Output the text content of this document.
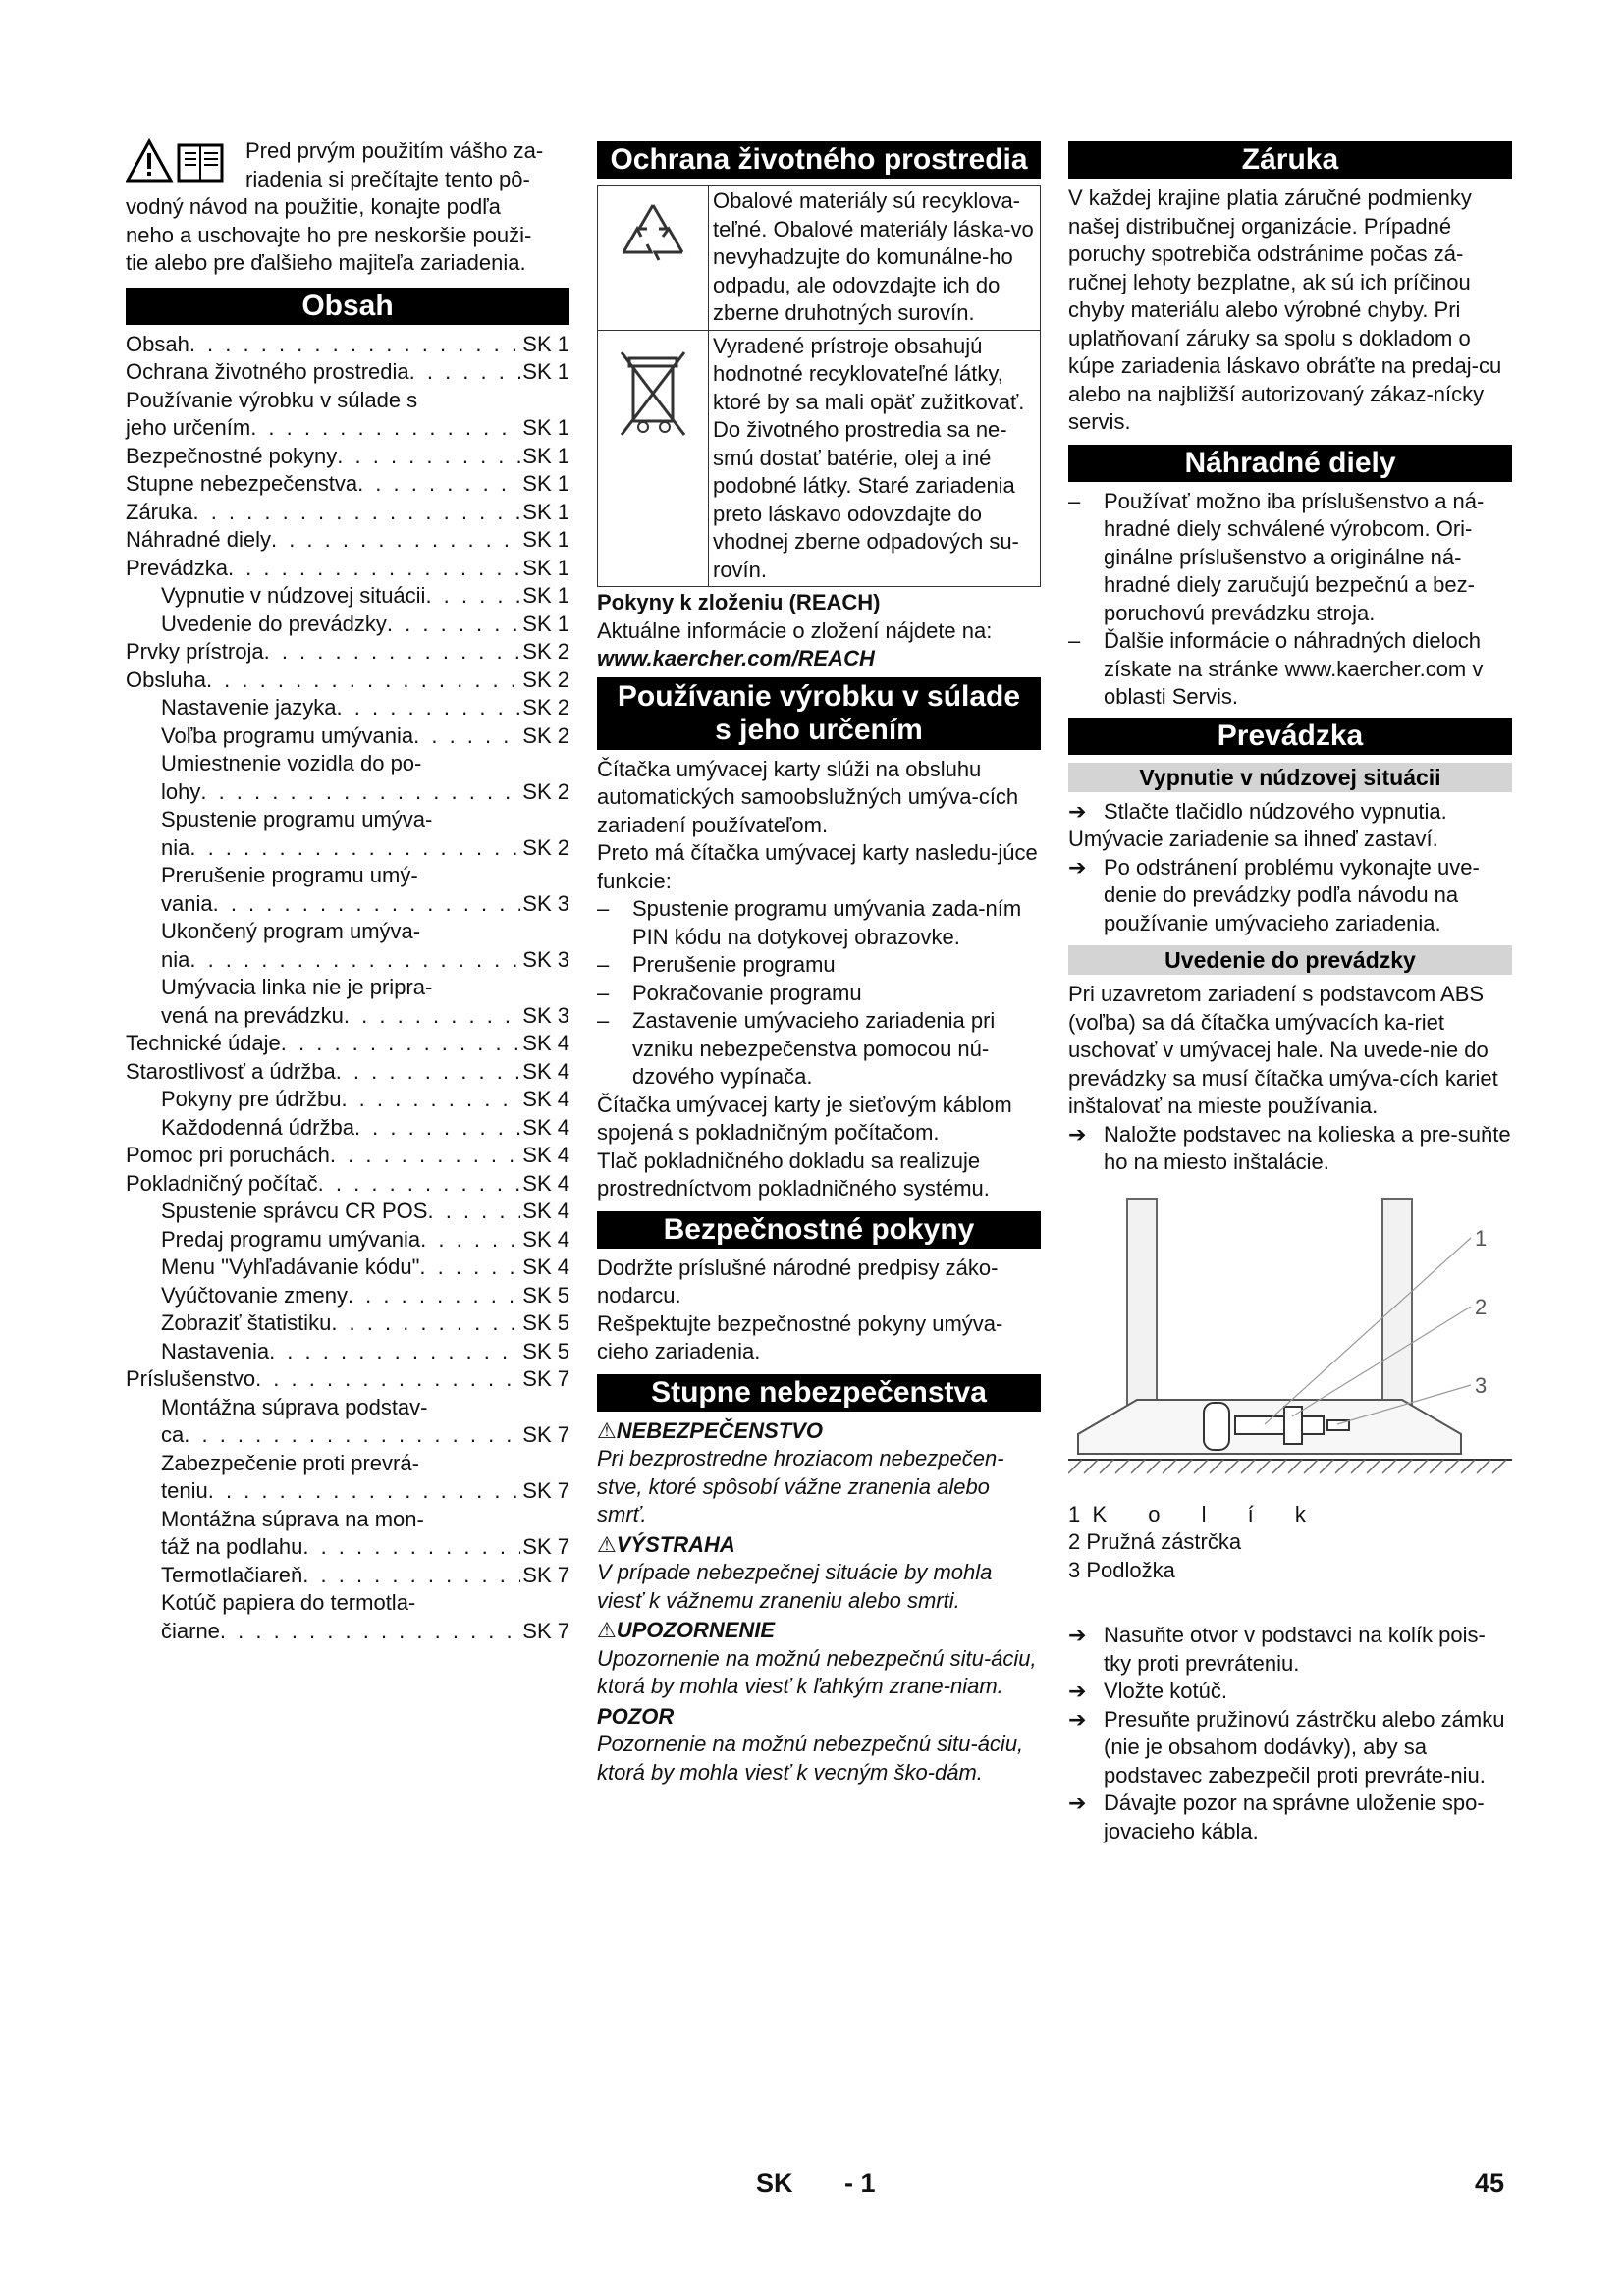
Pred prvým použitím vášho za-

riadenia si prečítajte tento pô-

vodný návod na použitie, konajte podľa

neho a uschovajte ho pre neskoršie použi-

tie alebo pre ďalšieho majiteľa zariadenia.

Obsah
Obsah . . .	SK 1
Ochrana životného prostredia . . .	SK 1
Používanie výrobku v súlade s
jeho určením . . .	SK 1
Bezpečnostné pokyny . . .	SK 1
Stupne nebezpečenstva . . .	SK 1
Záruka . . .	SK 1
Náhradné diely . . .	SK 1
Prevádzka . . .	SK 1
Vypnutie v núdzovej situácii . . .	SK 1
Uvedenie do prevádzky . . .	SK 1
Prvky prístroja . . .	SK 2
Obsluha . . .	SK 2
Nastavenie jazyka . . .	SK 2
Voľba programu umývania . . .	SK 2
Umiestnenie vozidla do po-
lohy . . .	SK 2
Spustenie programu umýva-
nia . . .	SK 2
Prerušenie programu umý-
vania . . .	SK 3
Ukončený program umýva-
nia . . .	SK 3
Umývacia linka nie je pripra-
vená na prevádzku . . .	SK 3
Technické údaje . . .	SK 4
Starostlivosť a údržba . . .	SK 4
Pokyny pre údržbu . . .	SK 4
Každodenná údržba . . .	SK 4
Pomoc pri poruchách . . .	SK 4
Pokladničný počítač . . .	SK 4
Spustenie správcu CR POS . . .	SK 4
Predaj programu umývania . . .	SK 4
Menu "Vyhľadávanie kódu" . . .	SK 4
Vyúčtovanie zmeny . . .	SK 5
Zobraziť štatistiku . . .	SK 5
Nastavenia . . .	SK 5
Príslušenstvo . . .	SK 7
Montážna súprava podstav-
ca . . .	SK 7
Zabezpečenie proti prevrá-
teniu . . .	SK 7
Montážna súprava na mon-
táž na podlahu . . .	SK 7
Termotlačiareň . . .	SK 7
Kotúč papiera do termotla-
čiarne . . .	SK 7
Ochrana životného prostredia
	Obalové materiály sú recyklova-teľné. Obalové materiály láska-vo nevyhadzujte do komunálne-ho odpadu, ale odovzdajte ich do zberne druhotných surovín.
	Vyradené prístroje obsahujú hodnotné recyklovateľné látky, ktoré by sa mali opäť zužitkovať. Do životného prostredia sa ne-smú dostať batérie, olej a iné podobné látky. Staré zariadenia preto láskavo odovzdajte do vhodnej zberne odpadových su-rovín.

Pokyny k zloženiu (REACH)

Aktuálne informácie o zložení nájdete na:

www.kaercher.com/REACH

Používanie výrobku v súlade
s jeho určením

Čítačka umývacej karty slúži na obsluhu automatických samoobslužných umýva-cích zariadení používateľom.

Preto má čítačka umývacej karty nasledu-júce funkcie:

– Spustenie programu umývania zada-ním PIN kódu na dotykovej obrazovke.

– Prerušenie programu

– Pokračovanie programu

– Zastavenie umývacieho zariadenia pri vzniku nebezpečenstva pomocou nú-dzového vypínača.

Čítačka umývacej karty je sieťovým káblom spojená s pokladničným počítačom.

Tlač pokladničného dokladu sa realizuje prostredníctvom pokladničného systému.

Bezpečnostné pokyny

Dodržte príslušné národné predpisy záko-nodarcu.

Rešpektujte bezpečnostné pokyny umýva-cieho zariadenia.

Stupne nebezpečenstva

⚠NEBEZPEČENSTVO

Pri bezprostredne hroziacom nebezpečen-stve, ktoré spôsobí vážne zranenia alebo smrť.

⚠VÝSTRAHA

V prípade nebezpečnej situácie by mohla viesť k vážnemu zraneniu alebo smrti.

⚠UPOZORNENIE

Upozornenie na možnú nebezpečnú situ-áciu, ktorá by mohla viesť k ľahkým zrane-niam.

POZOR

Pozornenie na možnú nebezpečnú situ-áciu, ktorá by mohla viesť k vecným ško-dám.

Záruka

V každej krajine platia záručné podmienky našej distribučnej organizácie. Prípadné poruchy spotrebiča odstránime počas zá-ručnej lehoty bezplatne, ak sú ich príčinou chyby materiálu alebo výrobné chyby. Pri uplatňovaní záruky sa spolu s dokladom o kúpe zariadenia láskavo obráťte na predaj-cu alebo na najbližší autorizovaný zákaz-nícky servis.

Náhradné diely

– Používať možno iba príslušenstvo a ná-hradné diely schválené výrobcom. Ori-ginálne príslušenstvo a originálne ná-hradné diely zaručujú bezpečnú a bez-poruchovú prevádzku stroja.

– Ďalšie informácie o náhradných dieloch získate na stránke www.kaercher.com v oblasti Servis.

Prevádzka
Vypnutie v núdzovej situácii

➔ Stlačte tlačidlo núdzového vypnutia.

Umývacie zariadenie sa ihneď zastaví.

➔ Po odstránení problému vykonajte uve-denie do prevádzky podľa návodu na používanie umývacieho zariadenia.

Uvedenie do prevádzky

Pri uzavretom zariadení s podstavcom ABS (voľba) sa dá čítačka umývacích ka-riet uschovať v umývacej hale. Na uvede-nie do prevádzky sa musí čítačka umýva-cích kariet inštalovať na mieste používania.

➔ Naložte podstavec na kolieska a pre-suňte ho na miesto inštalácie.

1
2
3

1 K o l í k

2 Pružná zástrčka

3 Podložka

➔ Nasuňte otvor v podstavci na kolík pois-tky proti prevráteniu.

➔ Vložte kotúč.

➔ Presuňte pružinovú zástrčku alebo zámku (nie je obsahom dodávky), aby sa podstavec zabezpečil proti prevráte-niu.

➔ Dávajte pozor na správne uloženie spo-jovacieho kábla.

SK - 1	45
